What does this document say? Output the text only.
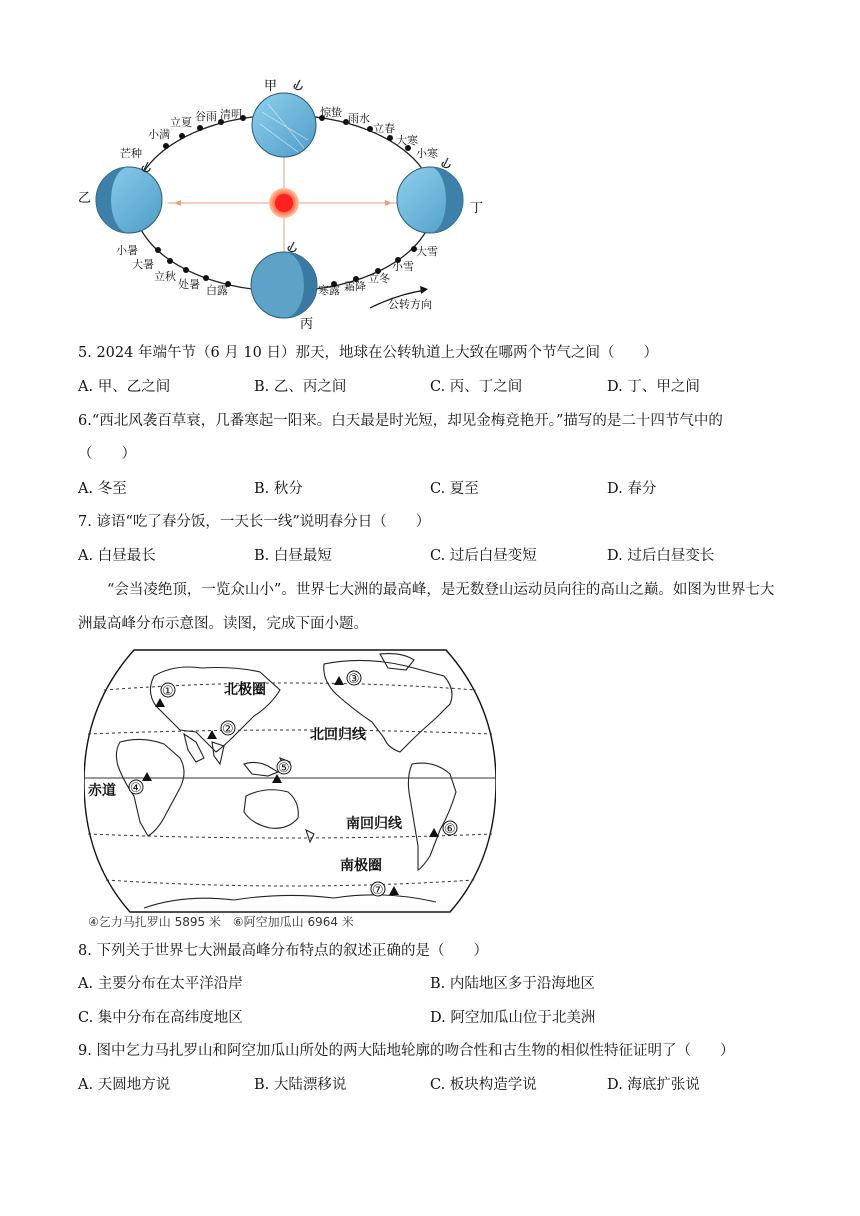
甲
乙
丙
丁
立夏 谷雨 清明	惊蛰 雨水
立春
大寒
小寒
小满
芒种
小暑
大暑
立秋
处暑 白露	寒露 霜降
立冬
小雪
大雪
公转方向
5. 2024 年端午节（6 月 10 日）那天，地球在公转轨道上大致在哪两个节气之间（　　）
A. 甲、乙之间	B. 乙、丙之间	C. 丙、丁之间	D. 丁、甲之间
6.“西北风袭百草衰，几番寒起一阳来。白天最是时光短，却见金梅竞艳开。”描写的是二十四节气中的
（　　）
A. 冬至	B. 秋分	C. 夏至	D. 春分
7. 谚语“吃了春分饭，一天长一线”说明春分日（　　）
A. 白昼最长	B. 白昼最短	C. 过后白昼变短	D. 过后白昼变长
“会当凌绝顶，一览众山小”。世界七大洲的最高峰，是无数登山运动员向往的高山之巅。如图为世界七大洲最高峰分布示意图。读图，完成下面小题。
北极圈
北回归线
赤道
南回归线
南极圈
①
②
③
④
⑤
⑥
⑦
④乞力马扎罗山 5895 米　⑥阿空加瓜山 6964 米
8. 下列关于世界七大洲最高峰分布特点的叙述正确的是（　　）
A. 主要分布在太平洋沿岸	B. 内陆地区多于沿海地区
C. 集中分布在高纬度地区	D. 阿空加瓜山位于北美洲
9. 图中乞力马扎罗山和阿空加瓜山所处的两大陆地轮廓的吻合性和古生物的相似性特征证明了（　　）
A. 天圆地方说	B. 大陆漂移说	C. 板块构造学说	D. 海底扩张说
